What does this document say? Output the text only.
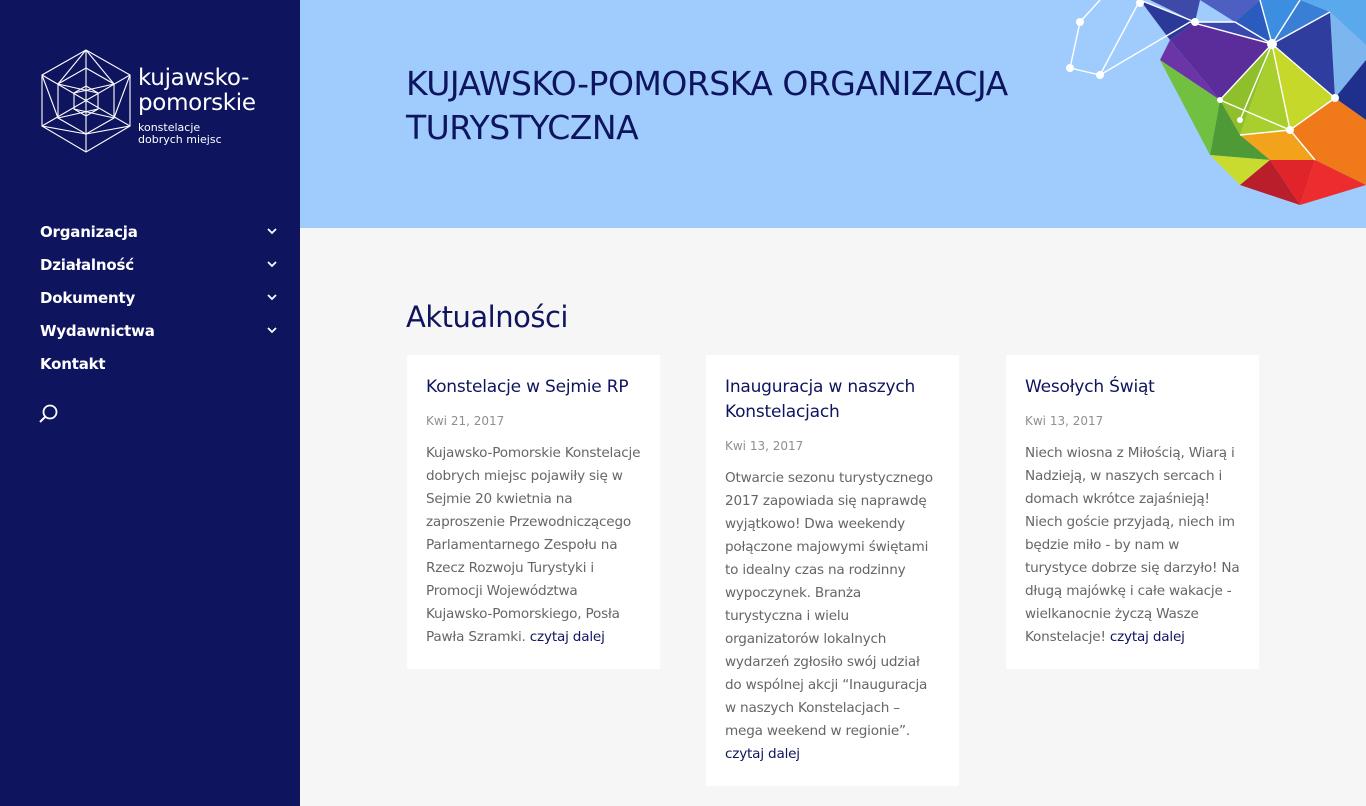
kujawsko-
pomorskie
konstelacje
dobrych miejsc
Organizacja
Działalność
Dokumenty
Wydawnictwa
Kontakt
KUJAWSKO-POMORSKA ORGANIZACJA
TURYSTYCZNA
Aktualności
Konstelacje w Sejmie RP
Kwi 21, 2017

Kujawsko-Pomorskie Konstelacje dobrych miejsc pojawiły się w Sejmie 20 kwietnia na zaproszenie Przewodniczącego Parlamentarnego Zespołu na Rzecz Rozwoju Turystyki i Promocji Województwa Kujawsko-Pomorskiego, Posła Pawła Szramki. czytaj dalej

Inauguracja w naszych Konstelacjach
Kwi 13, 2017

Otwarcie sezonu turystycznego 2017 zapowiada się naprawdę wyjątkowo! Dwa weekendy połączone majowymi świętami to idealny czas na rodzinny wypoczynek. Branża turystyczna i wielu organizatorów lokalnych wydarzeń zgłosiło swój udział do wspólnej akcji “Inauguracja w naszych Konstelacjach – mega weekend w regionie”. czytaj dalej

Wesołych Świąt
Kwi 13, 2017

Niech wiosna z Miłością, Wiarą i Nadzieją, w naszych sercach i domach wkrótce zajaśnieją! Niech goście przyjadą, niech im będzie miło - by nam w turystyce dobrze się darzyło! Na długą majówkę i całe wakacje - wielkanocnie życzą Wasze Konstelacje! czytaj dalej
